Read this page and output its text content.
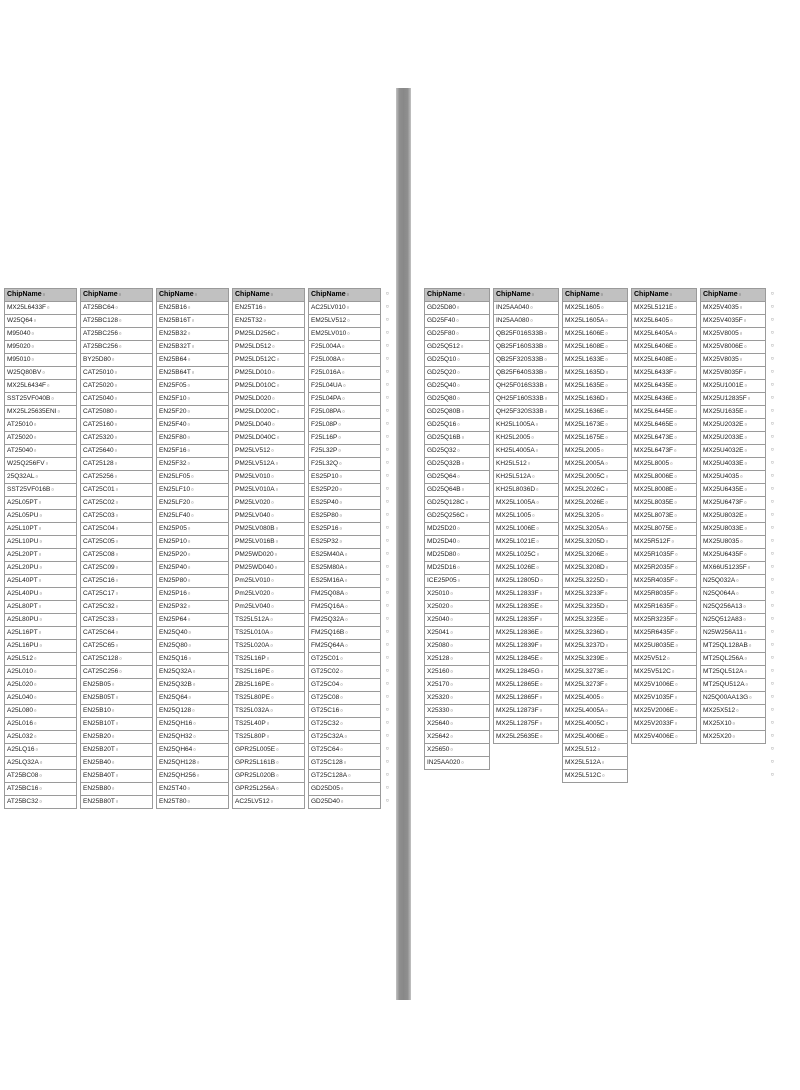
ChipName ¤
MX25L6433F ¤
W25Q64 ¤
M95040 ¤
M95020 ¤
M95010 ¤
W25Q80BV ¤
MX25L6434F ¤
SST25VF040B ¤
MX25L25635ENI ¤
AT25010 ¤
AT25020 ¤
AT25040 ¤
W25Q256FV ¤
25Q32AL ¤
SST25VF016B ¤
A25L05PT ¤
A25L05PU ¤
A25L10PT ¤
A25L10PU ¤
A25L20PT ¤
A25L20PU ¤
A25L40PT ¤
A25L40PU ¤
A25L80PT ¤
A25L80PU ¤
A25L16PT ¤
A25L16PU ¤
A25L512 ¤
A25L010 ¤
A25L020 ¤
A25L040 ¤
A25L080 ¤
A25L016 ¤
A25L032 ¤
A25LQ16 ¤
A25LQ32A ¤
AT25BC08 ¤
AT25BC16 ¤
AT25BC32 ¤
ChipName ¤
AT25BC64 ¤
AT25BC128 ¤
AT25BC256 ¤
AT25BC256 ¤
BY25D80 ¤
CAT25010 ¤
CAT25020 ¤
CAT25040 ¤
CAT25080 ¤
CAT25160 ¤
CAT25320 ¤
CAT25640 ¤
CAT25128 ¤
CAT25256 ¤
CAT25C01 ¤
CAT25C02 ¤
CAT25C03 ¤
CAT25C04 ¤
CAT25C05 ¤
CAT25C08 ¤
CAT25C09 ¤
CAT25C16 ¤
CAT25C17 ¤
CAT25C32 ¤
CAT25C33 ¤
CAT25C64 ¤
CAT25C65 ¤
CAT25C128 ¤
CAT25C256 ¤
EN25B05 ¤
EN25B05T ¤
EN25B10 ¤
EN25B10T ¤
EN25B20 ¤
EN25B20T ¤
EN25B40 ¤
EN25B40T ¤
EN25B80 ¤
EN25B80T ¤
ChipName ¤
EN25B16 ¤
EN25B16T ¤
EN25B32 ¤
EN25B32T ¤
EN25B64 ¤
EN25B64T ¤
EN25F05 ¤
EN25F10 ¤
EN25F20 ¤
EN25F40 ¤
EN25F80 ¤
EN25F16 ¤
EN25F32 ¤
EN25LF05 ¤
EN25LF10 ¤
EN25LF20 ¤
EN25LF40 ¤
EN25P05 ¤
EN25P10 ¤
EN25P20 ¤
EN25P40 ¤
EN25P80 ¤
EN25P16 ¤
EN25P32 ¤
EN25P64 ¤
EN25Q40 ¤
EN25Q80 ¤
EN25Q16 ¤
EN25Q32A ¤
EN25Q32B ¤
EN25Q64 ¤
EN25Q128 ¤
EN25QH16 ¤
EN25QH32 ¤
EN25QH64 ¤
EN25QH128 ¤
EN25QH256 ¤
EN25T40 ¤
EN25T80 ¤
ChipName ¤
EN25T16 ¤
EN25T32 ¤
PM25LD256C ¤
PM25LD512 ¤
PM25LD512C ¤
PM25LD010 ¤
PM25LD010C ¤
PM25LD020 ¤
PM25LD020C ¤
PM25LD040 ¤
PM25LD040C ¤
PM25LV512 ¤
PM25LV512A ¤
PM25LV010 ¤
PM25LV010A ¤
PM25LV020 ¤
PM25LV040 ¤
PM25LV080B ¤
PM25LV016B ¤
PM25WD020 ¤
PM25WD040 ¤
Pm25LV010 ¤
Pm25LV020 ¤
Pm25LV040 ¤
TS25L512A ¤
TS25L010A ¤
TS25L020A ¤
TS25L16P ¤
TS25L16PE ¤
ZB25L16PE ¤
TS25L80PE ¤
TS25L032A ¤
TS25L40P ¤
TS25L80P ¤
GPR25L005E ¤
GPR25L161B ¤
GPR25L020B ¤
GPR25L256A ¤
AC25LV512 ¤
ChipName ¤
AC25LV010 ¤
EM25LV512 ¤
EM25LV010 ¤
F25L004A ¤
F25L008A ¤
F25L016A ¤
F25L04UA ¤
F25L04PA ¤
F25L08PA ¤
F25L08P ¤
F25L16P ¤
F25L32P ¤
F25L32Q ¤
ES25P10 ¤
ES25P20 ¤
ES25P40 ¤
ES25P80 ¤
ES25P16 ¤
ES25P32 ¤
ES25M40A ¤
ES25M80A ¤
ES25M16A ¤
FM25Q08A ¤
FM25Q16A ¤
FM25Q32A ¤
FM25Q16B ¤
FM25Q64A ¤
GT25C01 ¤
GT25C02 ¤
GT25C04 ¤
GT25C08 ¤
GT25C16 ¤
GT25C32 ¤
GT25C32A ¤
GT25C64 ¤
GT25C128 ¤
GT25C128A ¤
GD25D05 ¤
GD25D40 ¤
¤
¤
¤
¤
¤
¤
¤
¤
¤
¤
¤
¤
¤
¤
¤
¤
¤
¤
¤
¤
¤
¤
¤
¤
¤
¤
¤
¤
¤
¤
¤
¤
¤
¤
¤
¤
¤
¤
¤
¤
ChipName ¤
GD25D80 ¤
GD25F40 ¤
GD25F80 ¤
GD25Q512 ¤
GD25Q10 ¤
GD25Q20 ¤
GD25Q40 ¤
GD25Q80 ¤
GD25Q80B ¤
GD25Q16 ¤
GD25Q16B ¤
GD25Q32 ¤
GD25Q32B ¤
GD25Q64 ¤
GD25Q64B ¤
GD25Q128C ¤
GD25Q256C ¤
MD25D20 ¤
MD25D40 ¤
MD25D80 ¤
MD25D16 ¤
ICE25P05 ¤
X25010 ¤
X25020 ¤
X25040 ¤
X25041 ¤
X25080 ¤
X25128 ¤
X25160 ¤
X25170 ¤
X25320 ¤
X25330 ¤
X25640 ¤
X25642 ¤
X25650 ¤
IN25AA020 ¤
ChipName ¤
IN25AA040 ¤
IN25AA080 ¤
QB25F016S33B ¤
QB25F160S33B ¤
QB25F320S33B ¤
QB25F640S33B ¤
QH25F016S33B ¤
QH25F160S33B ¤
QH25F320S33B ¤
KH25L1005A ¤
KH25L2005 ¤
KH25L4005A ¤
KH25L512 ¤
KH25L512A ¤
KH25L8036D ¤
MX25L1005A ¤
MX25L1005 ¤
MX25L1006E ¤
MX25L1021E ¤
MX25L1025C ¤
MX25L1026E ¤
MX25L12805D ¤
MX25L12833F ¤
MX25L12835E ¤
MX25L12835F ¤
MX25L12836E ¤
MX25L12839F ¤
MX25L12845E ¤
MX25L12845G ¤
MX25L12865E ¤
MX25L12865F ¤
MX25L12873F ¤
MX25L12875F ¤
MX25L25635E ¤
ChipName ¤
MX25L1605 ¤
MX25L1605A ¤
MX25L1606E ¤
MX25L1608E ¤
MX25L1633E ¤
MX25L1635D ¤
MX25L1635E ¤
MX25L1636D ¤
MX25L1636E ¤
MX25L1673E ¤
MX25L1675E ¤
MX25L2005 ¤
MX25L2005A ¤
MX25L2005C ¤
MX25L2026C ¤
MX25L2026E ¤
MX25L3205 ¤
MX25L3205A ¤
MX25L3205D ¤
MX25L3206E ¤
MX25L3208D ¤
MX25L3225D ¤
MX25L3233F ¤
MX25L3235D ¤
MX25L3235E ¤
MX25L3236D ¤
MX25L3237D ¤
MX25L3239E ¤
MX25L3273E ¤
MX25L3273F ¤
MX25L4005 ¤
MX25L4005A ¤
MX25L4005C ¤
MX25L4006E ¤
MX25L512 ¤
MX25L512A ¤
MX25L512C ¤
ChipName ¤
MX25L5121E ¤
MX25L6405 ¤
MX25L6405A ¤
MX25L6406E ¤
MX25L6408E ¤
MX25L6433F ¤
MX25L6435E ¤
MX25L6436E ¤
MX25L6445E ¤
MX25L6465E ¤
MX25L6473E ¤
MX25L6473F ¤
MX25L8005 ¤
MX25L8006E ¤
MX25L8008E ¤
MX25L8035E ¤
MX25L8073E ¤
MX25L8075E ¤
MX25R512F ¤
MX25R1035F ¤
MX25R2035F ¤
MX25R4035F ¤
MX25R8035F ¤
MX25R1635F ¤
MX25R3235F ¤
MX25R6435F ¤
MX25U8035E ¤
MX25V512 ¤
MX25V512C ¤
MX25V1006E ¤
MX25V1035F ¤
MX25V2006E ¤
MX25V2033F ¤
MX25V4006E ¤
ChipName ¤
MX25V4035 ¤
MX25V4035F ¤
MX25V8005 ¤
MX25V8006E ¤
MX25V8035 ¤
MX25V8035F ¤
MX25U1001E ¤
MX25U12835F ¤
MX25U1635E ¤
MX25U2032E ¤
MX25U2033E ¤
MX25U4032E ¤
MX25U4033E ¤
MX25U4035 ¤
MX25U6435E ¤
MX25U6473F ¤
MX25U8032E ¤
MX25U8033E ¤
MX25U8035 ¤
MX25U6435F ¤
MX66U51235F ¤
N25Q032A ¤
N25Q064A ¤
N25Q256A13 ¤
N25Q512A83 ¤
N25W256A11 ¤
MT25QL128AB ¤
MT25QL256A ¤
MT25QL512A ¤
MT25QU512A ¤
N25Q00AA13G ¤
MX25X512 ¤
MX25X10 ¤
MX25X20 ¤
¤
¤
¤
¤
¤
¤
¤
¤
¤
¤
¤
¤
¤
¤
¤
¤
¤
¤
¤
¤
¤
¤
¤
¤
¤
¤
¤
¤
¤
¤
¤
¤
¤
¤
¤
¤
¤
¤
